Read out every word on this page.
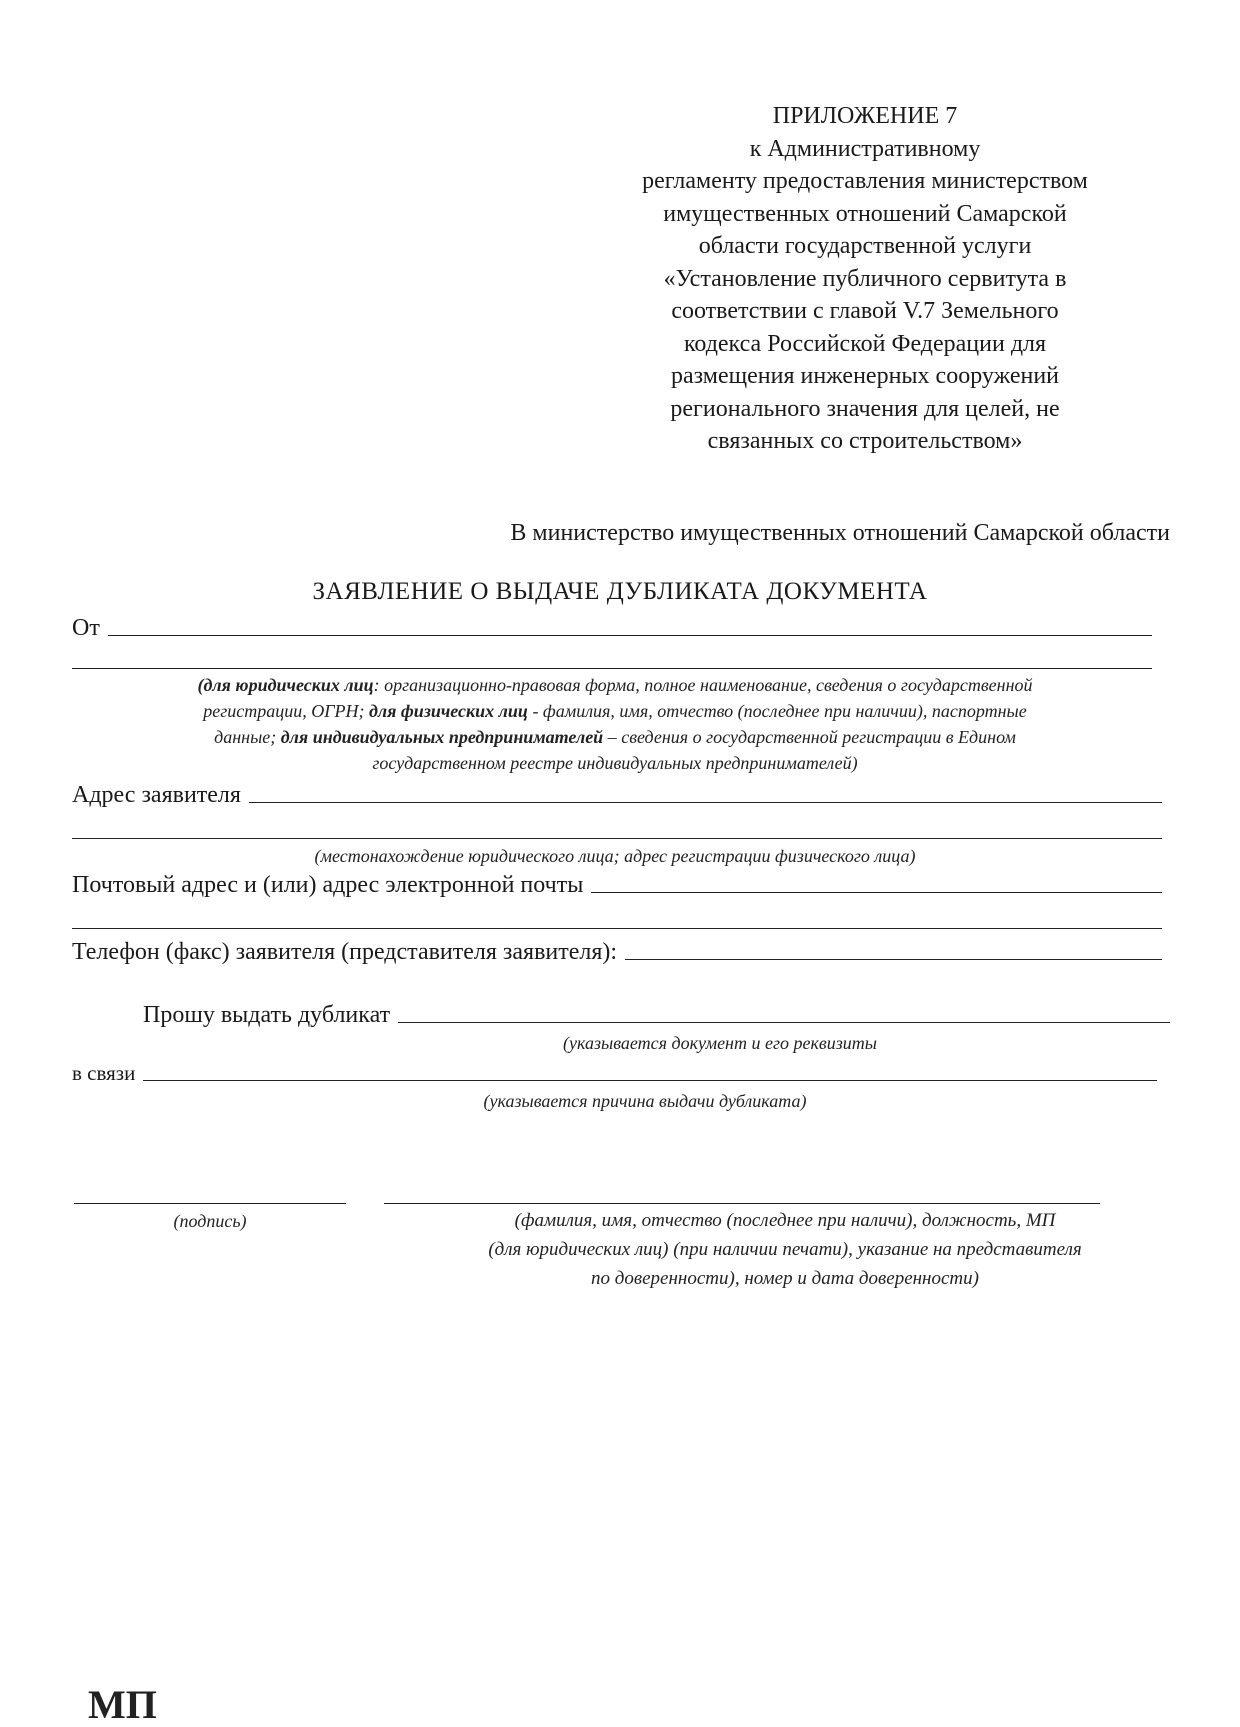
ПРИЛОЖЕНИЕ 7
к Административному
регламенту предоставления министерством
имущественных отношений Самарской
области государственной услуги
«Установление публичного сервитута в
соответствии с главой V.7 Земельного
кодекса Российской Федерации для
размещения инженерных сооружений
регионального значения для целей, не
связанных со строительством»
В министерство имущественных отношений Самарской области
ЗАЯВЛЕНИЕ О ВЫДАЧЕ ДУБЛИКАТА ДОКУМЕНТА
От
(для юридических лиц: организационно-правовая форма, полное наименование, сведения о государственной
регистрации, ОГРН; для физических лиц - фамилия, имя, отчество (последнее при наличии), паспортные
данные; для индивидуальных предпринимателей – сведения о государственной регистрации в Едином
государственном реестре индивидуальных предпринимателей)
Адрес заявителя
(местонахождение юридического лица; адрес регистрации физического лица)
Почтовый адрес и (или) адрес электронной почты
Телефон (факс) заявителя (представителя заявителя):
Прошу выдать дубликат
(указывается документ и его реквизиты
в связи
(указывается причина выдачи дубликата)
(подпись)	(фамилия, имя, отчество (последнее при наличи), должность, МП
(для юридических лиц) (при наличии печати), указание на представителя
по доверенности), номер и дата доверенности)
МП
